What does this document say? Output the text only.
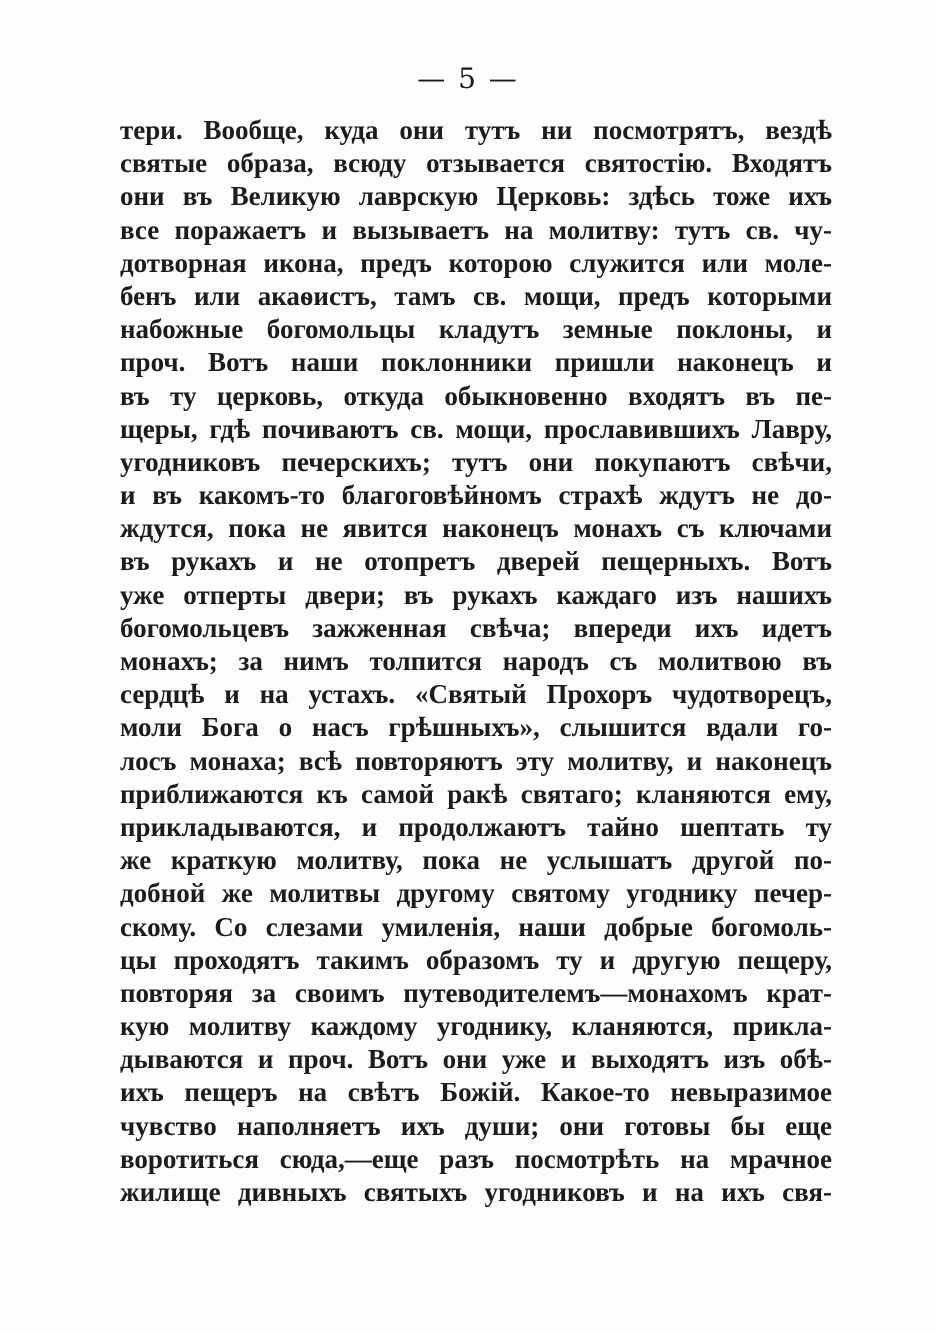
— 5 —
тери. Вообще, куда они тутъ ни посмотрятъ, вездѣ
святые образа, всюду отзывается святостію. Входятъ
они въ Великую лаврскую Церковь: здѣсь тоже ихъ
все поражаетъ и вызываетъ на молитву: тутъ св. чу-
дотворная икона, предъ которою служится или моле-
бенъ или акаѳистъ, тамъ св. мощи, предъ которыми
набожные богомольцы кладутъ земные поклоны, и
проч. Вотъ наши поклонники пришли наконецъ и
въ ту церковь, откуда обыкновенно входятъ въ пе-
щеры, гдѣ почиваютъ св. мощи, прославившихъ Лавру,
угодниковъ печерскихъ; тутъ они покупаютъ свѣчи,
и въ какомъ-то благоговѣйномъ страхѣ ждутъ не до-
ждутся, пока не явится наконецъ монахъ съ ключами
въ рукахъ и не отопретъ дверей пещерныхъ. Вотъ
уже отперты двери; въ рукахъ каждаго изъ нашихъ
богомольцевъ зажженная свѣча; впереди ихъ идетъ
монахъ; за нимъ толпится народъ съ молитвою въ
сердцѣ и на устахъ. «Святый Прохоръ чудотворецъ,
моли Бога о насъ грѣшныхъ», слышится вдали го-
лосъ монаха; всѣ повторяютъ эту молитву, и наконецъ
приближаются къ самой ракѣ святаго; кланяются ему,
прикладываются, и продолжаютъ тайно шептать ту
же краткую молитву, пока не услышатъ другой по-
добной же молитвы другому святому угоднику печер-
скому. Со слезами умиленія, наши добрые богомоль-
цы проходятъ такимъ образомъ ту и другую пещеру,
повторяя за своимъ путеводителемъ—монахомъ крат-
кую молитву каждому угоднику, кланяются, прикла-
дываются и проч. Вотъ они уже и выходятъ изъ обѣ-
ихъ пещеръ на свѣтъ Божій. Какое-то невыразимое
чувство наполняетъ ихъ души; они готовы бы еще
воротиться сюда,—еще разъ посмотрѣть на мрачное
жилище дивныхъ святыхъ угодниковъ и на ихъ свя-
